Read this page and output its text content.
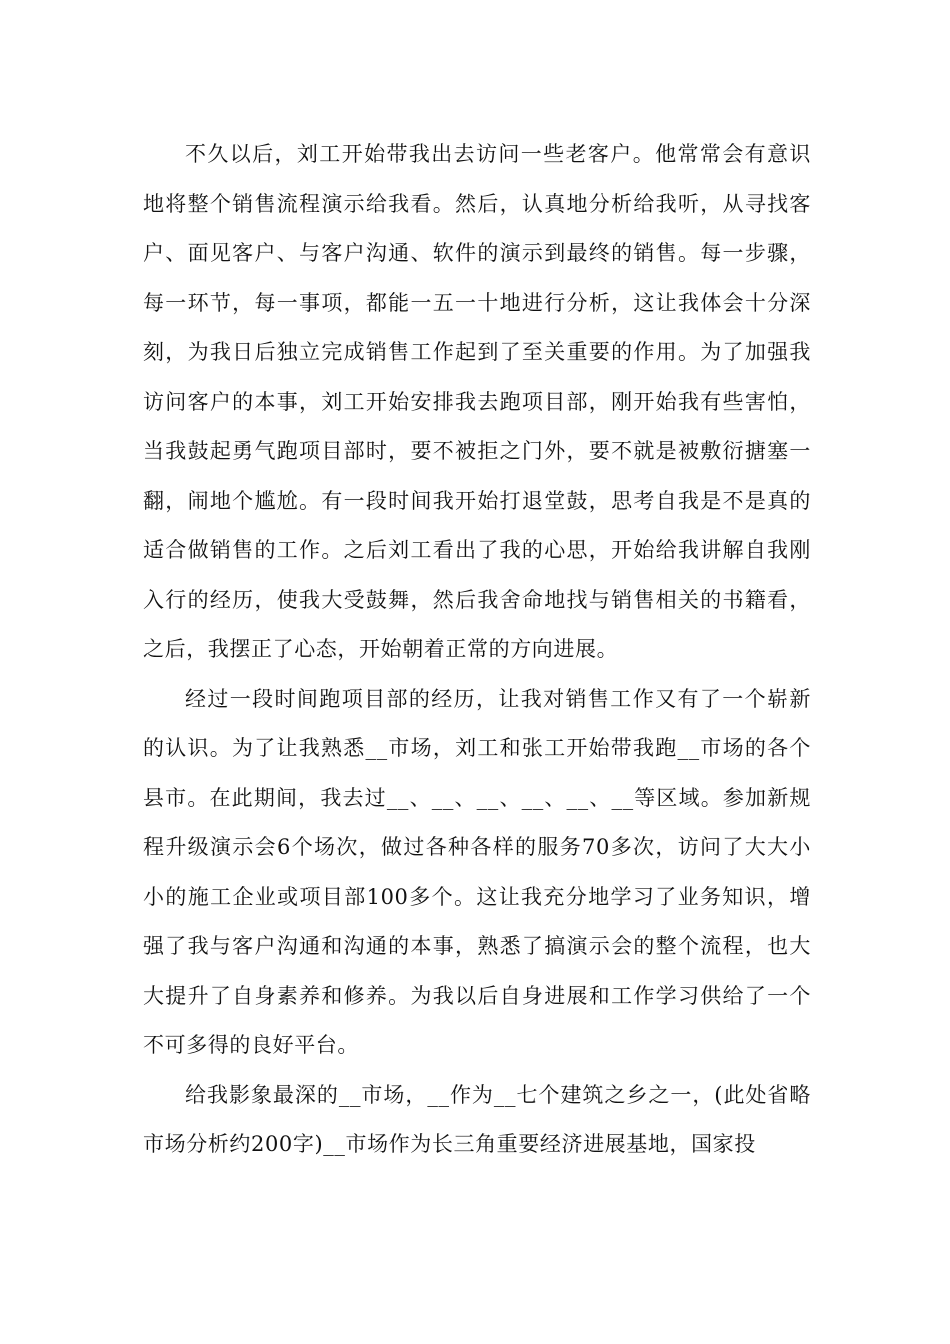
不久以后，刘工开始带我出去访问一些老客户。他常常会有意识地将整个销售流程演示给我看。然后，认真地分析给我听，从寻找客户、面见客户、与客户沟通、软件的演示到最终的销售。每一步骤，每一环节，每一事项，都能一五一十地进行分析，这让我体会十分深刻，为我日后独立完成销售工作起到了至关重要的作用。为了加强我访问客户的本事，刘工开始安排我去跑项目部，刚开始我有些害怕，当我鼓起勇气跑项目部时，要不被拒之门外，要不就是被敷衍搪塞一翻，闹地个尴尬。有一段时间我开始打退堂鼓，思考自我是不是真的适合做销售的工作。之后刘工看出了我的心思，开始给我讲解自我刚入行的经历，使我大受鼓舞，然后我舍命地找与销售相关的书籍看，之后，我摆正了心态，开始朝着正常的方向进展。

经过一段时间跑项目部的经历，让我对销售工作又有了一个崭新的认识。为了让我熟悉__市场，刘工和张工开始带我跑__市场的各个县市。在此期间，我去过__、__、__、__、__、__等区域。参加新规程升级演示会6个场次，做过各种各样的服务70多次，访问了大大小小的施工企业或项目部100多个。这让我充分地学习了业务知识，增强了我与客户沟通和沟通的本事，熟悉了搞演示会的整个流程，也大大提升了自身素养和修养。为我以后自身进展和工作学习供给了一个不可多得的良好平台。

给我影象最深的__市场，__作为__七个建筑之乡之一，(此处省略市场分析约200字)__市场作为长三角重要经济进展基地，国家投
